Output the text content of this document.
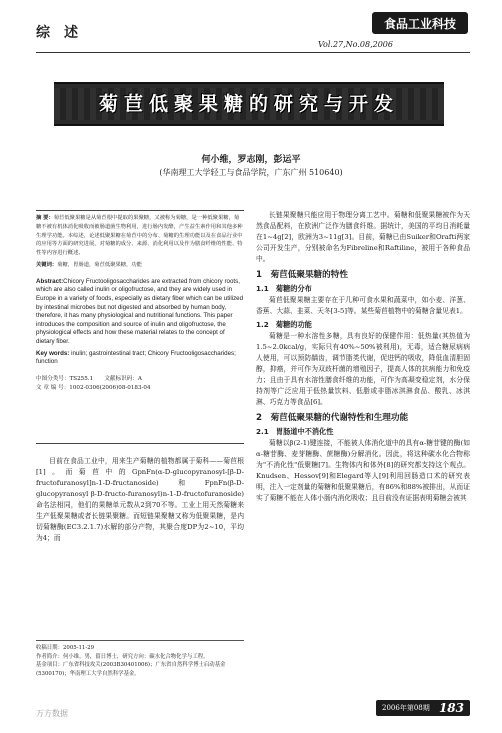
综述
食品工业科技
Vol.27,No.08,2006
菊苣低聚果糖的研究与开发
何小维，罗志刚，彭运平
(华南理工大学轻工与食品学院，广东广州 510640)
摘 要：菊苣低聚果糖是从菊苣根中提取的果聚糖，又被称为菊糖，是一种低聚果糖，菊糖不被有机体消化吸收而被肠道菌生物利用，进行肠内发酵，产生益生素作用和其他多种生理学功能。本综述，论述低聚果糖在菊苣中的分布、菊糖的生理功能以及在食品行业中的应用等方面的研究进展，对菊糖的成分、来源、消化利用以及作为膳食纤维的性能、特性等内容进行概述。
关键词：菊糖，胃肠道，菊苣低聚果糖，功能
Abstract:Chicory Fructooligosaccharides are extracted from chicory roots, which are also called inulin or oligofructose, and they are widely used in Europe in a variety of foods, especially as dietary fiber which can be utilized by intestinal microbes but not digested and absorbed by human body, therefore, it has many physiological and nutritional functions. This paper introduces the composition and source of inulin and oligofructose, the physiological effects and how these material relates to the concept of dietary fiber.
Key words: inulin; gastrointestinal tract; Chicory Fructooligosaccharides; function
中图分类号：TS255.1　　文献标识码：A
文 章 编 号：1002-0306(2006)08-0183-04
目前在食品工业中，用来生产菊糖的植物都属于菊科——菊苣根[1]。而菊苣中的GpnFn(α-D-glucopyranosyl-[β-D-fructofuranosyl]n-1-D-fructanoside)和FpnFn(β-D-glucopyranosyl β-D-fructo-furanosyl)n-1-D-fructofuranoside)命名法相同，他们的果糖单元数从2到70不等。工业上用天然菊糖来生产低聚果糖或者长链果聚糖。而短链果聚糖又称为低聚果糖，是内切菊糖酶(EC3.2.1.7)水解的部分产物，其聚合度DP为2~10，平均为4；而
收稿日期：2005-11-29
作者简介：何小维，男，留日博士，研究方向：碳水化合物化学与工程。
基金项目：广东省科技攻关(2003B30401006)；广东省自然科学博士启动基金(5300170)；华南理工大学自然科学基金。

长链果聚糖只能应用于物理分离工艺中。菊糖和低聚果糖被作为天然食品配料，在欧洲广泛作为膳食纤维。据统计，美国的平均日消耗量在1~4g[2]，欧洲为3~11g[3]。目前，菊糖已由Suiker和Orafti两家公司开发生产，分别被命名为Fibreline和Raftiline，被用于各种食品中。

1　菊苣低聚果糖的特性
1.1　菊糖的分布

菊苣低聚果糖主要存在于几种可食水果和蔬菜中，如小麦、洋葱、香蕉、大蒜、韭菜、天冬[3-5]等。某些菊苣植物中的菊糖含量见表1。

1.2　菊糖的功能

菊糖是一种水溶性多糖，具有良好的保健作用：低热量(其热值为1.5~2.0kcal/g，实际只有40%~50%被利用)，无毒，适合糖尿病病人使用，可以预防龋齿，调节脂类代谢，促进钙的吸收，降低血清胆固醇，抑癌，并可作为双歧杆菌的增殖因子，提高人体的抗病能力和免疫力；且由于具有水溶性膳食纤维的功能，可作为高凝变稳定剂，水分保持剂等广泛应用于低热量饮料、低脂或非脂冰淇淋食品、酸乳、冰淇淋、巧克力等食品[6]。

2　菊苣低聚果糖的代谢特性和生理功能
2.1　胃肠道中不消化性

菊糖以β(2-1)键连接，不能被人体消化道中的具有α-糖苷键的酶(如α-糖苷酶、麦芽糖酶、蔗糖酶)分解消化。因此，将这种碳水化合物称为"不消化性"低聚糖[7]。生物体内和体外[8]的研究都支持这个观点。Knudsen、Hessov[9]和Elegard等人[9]利用回肠造口术的研究表明，注入一定剂量的菊糖和低聚果糖后，有86%和88%被排出，从而证实了菊糖不能在人体小肠内消化吸收；且目前没有证据表明菊糖会被其

万方数据
2006年第08期 183
